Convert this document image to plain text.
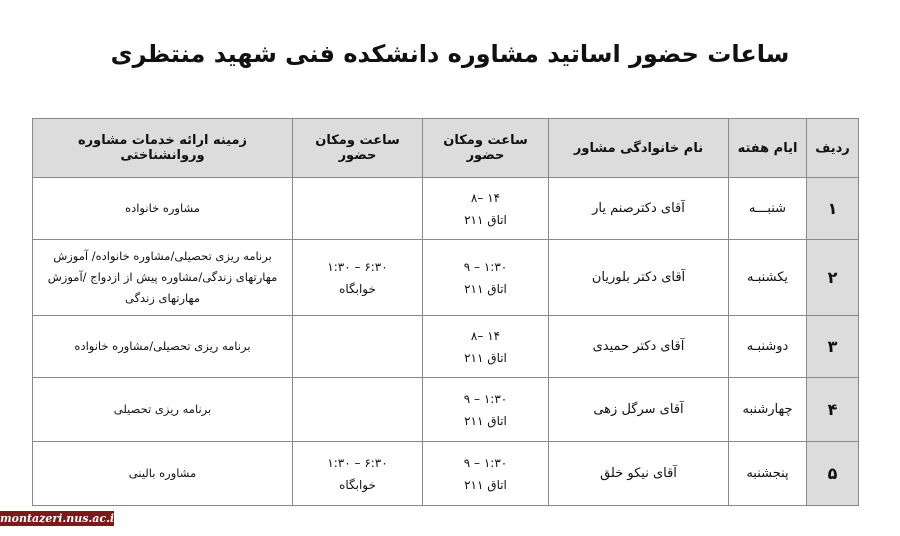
ساعات حضور اساتید مشاوره دانشکده فنی شهید منتظری
ردیف	ایام هفته	نام خانوادگی مشاور	ساعت ومکان حضور	ساعت ومکان حضور	زمینه ارائه خدمات مشاوره وروانشناختی
۱	شنبـــه	آقای دکترصنم یار	۱۴ –۸
اتاق ۲۱۱		مشاوره خانواده

۲	یکشنبـه	آقای دکتر بلوریان	۱:۳۰ – ۹
اتاق ۲۱۱	۶:۳۰ – ۱:۳۰
خوابگاه	برنامه ریزی تحصیلی/مشاوره خانواده/ آموزش
مهارتهای زندگی/مشاوره پیش از ازدواج /آموزش
مهارتهای زندگی

۳	دوشنبـه	آقای دکتر حمیدی	۱۴ –۸
اتاق ۲۱۱		برنامه ریزی تحصیلی/مشاوره خانواده

۴	چهارشنبه	آقای سرگل زهی	۱:۳۰ – ۹
اتاق ۲۱۱		برنامه ریزی تحصیلی

۵	پنجشنبه	آقای نیکو خلق	۱:۳۰ – ۹
اتاق ۲۱۱	۶:۳۰ – ۱:۳۰
خوابگاه	مشاوره بالینی
montazeri.nus.ac.ir
